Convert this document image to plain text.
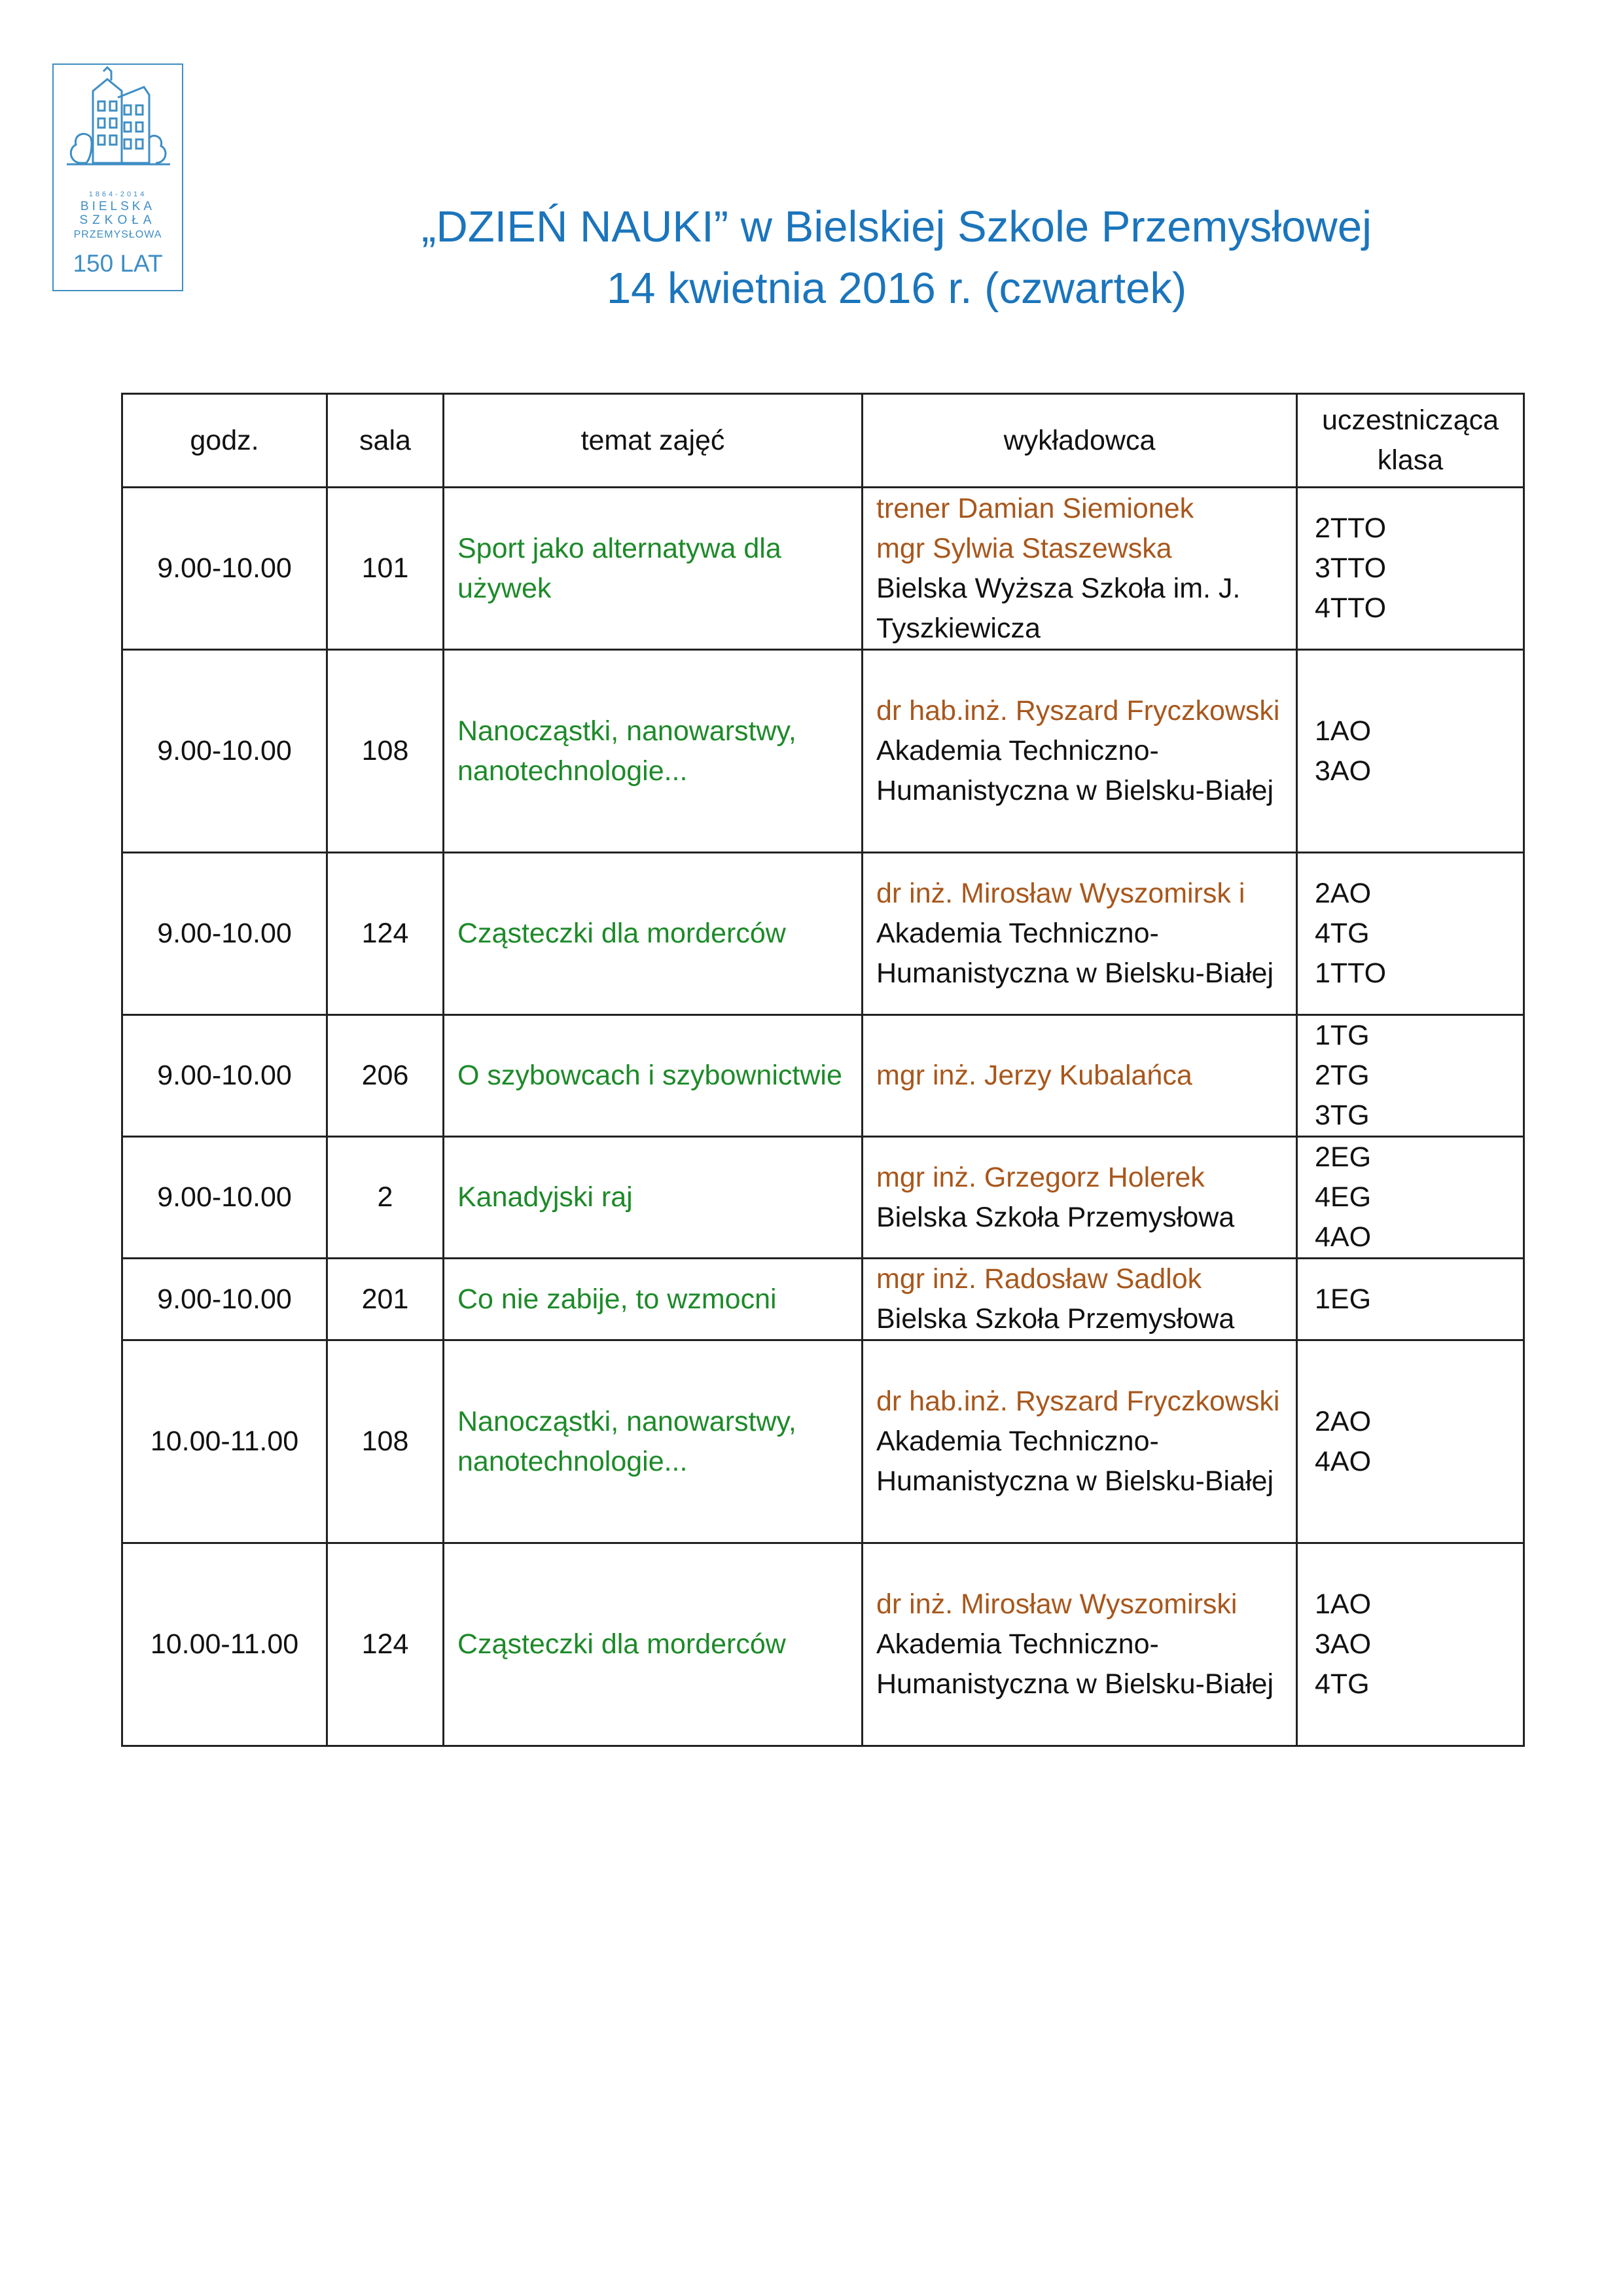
1864-2014
BIELSKA
SZKOŁA
PRZEMYSŁOWA
150 LAT
„DZIEŃ NAUKI” w Bielskiej Szkole Przemysłowej
14 kwietnia 2016 r. (czwartek)
godz.	sala	temat zajęć	wykładowca	uczestnicząca
klasa

9.00-10.00	101	Sport jako alternatywa dla używek	trener Damian Siemionek
mgr Sylwia Staszewska
Bielska Wyższa Szkoła im. J. Tyszkiewicza	2TTO
3TTO
4TTO

9.00-10.00	108	Nanocząstki, nanowarstwy, nanotechnologie...	dr hab.inż. Ryszard Fryczkowski
Akademia Techniczno-Humanistyczna w Bielsku-Białej	1AO
3AO

9.00-10.00	124	Cząsteczki dla morderców	dr inż. Mirosław Wyszomirsk i
Akademia Techniczno-Humanistyczna w Bielsku-Białej	2AO
4TG
1TTO

9.00-10.00	206	O szybowcach i szybownictwie	mgr inż. Jerzy Kubalańca	1TG
2TG
3TG

9.00-10.00	2	Kanadyjski raj	mgr inż. Grzegorz Holerek
Bielska Szkoła Przemysłowa	2EG
4EG
4AO

9.00-10.00	201	Co nie zabije, to wzmocni	mgr inż. Radosław Sadlok
Bielska Szkoła Przemysłowa	1EG

10.00-11.00	108	Nanocząstki, nanowarstwy, nanotechnologie...	dr hab.inż. Ryszard Fryczkowski
Akademia Techniczno-Humanistyczna w Bielsku-Białej	2AO
4AO

10.00-11.00	124	Cząsteczki dla morderców	dr inż. Mirosław Wyszomirski
Akademia Techniczno-Humanistyczna w Bielsku-Białej	1AO
3AO
4TG
